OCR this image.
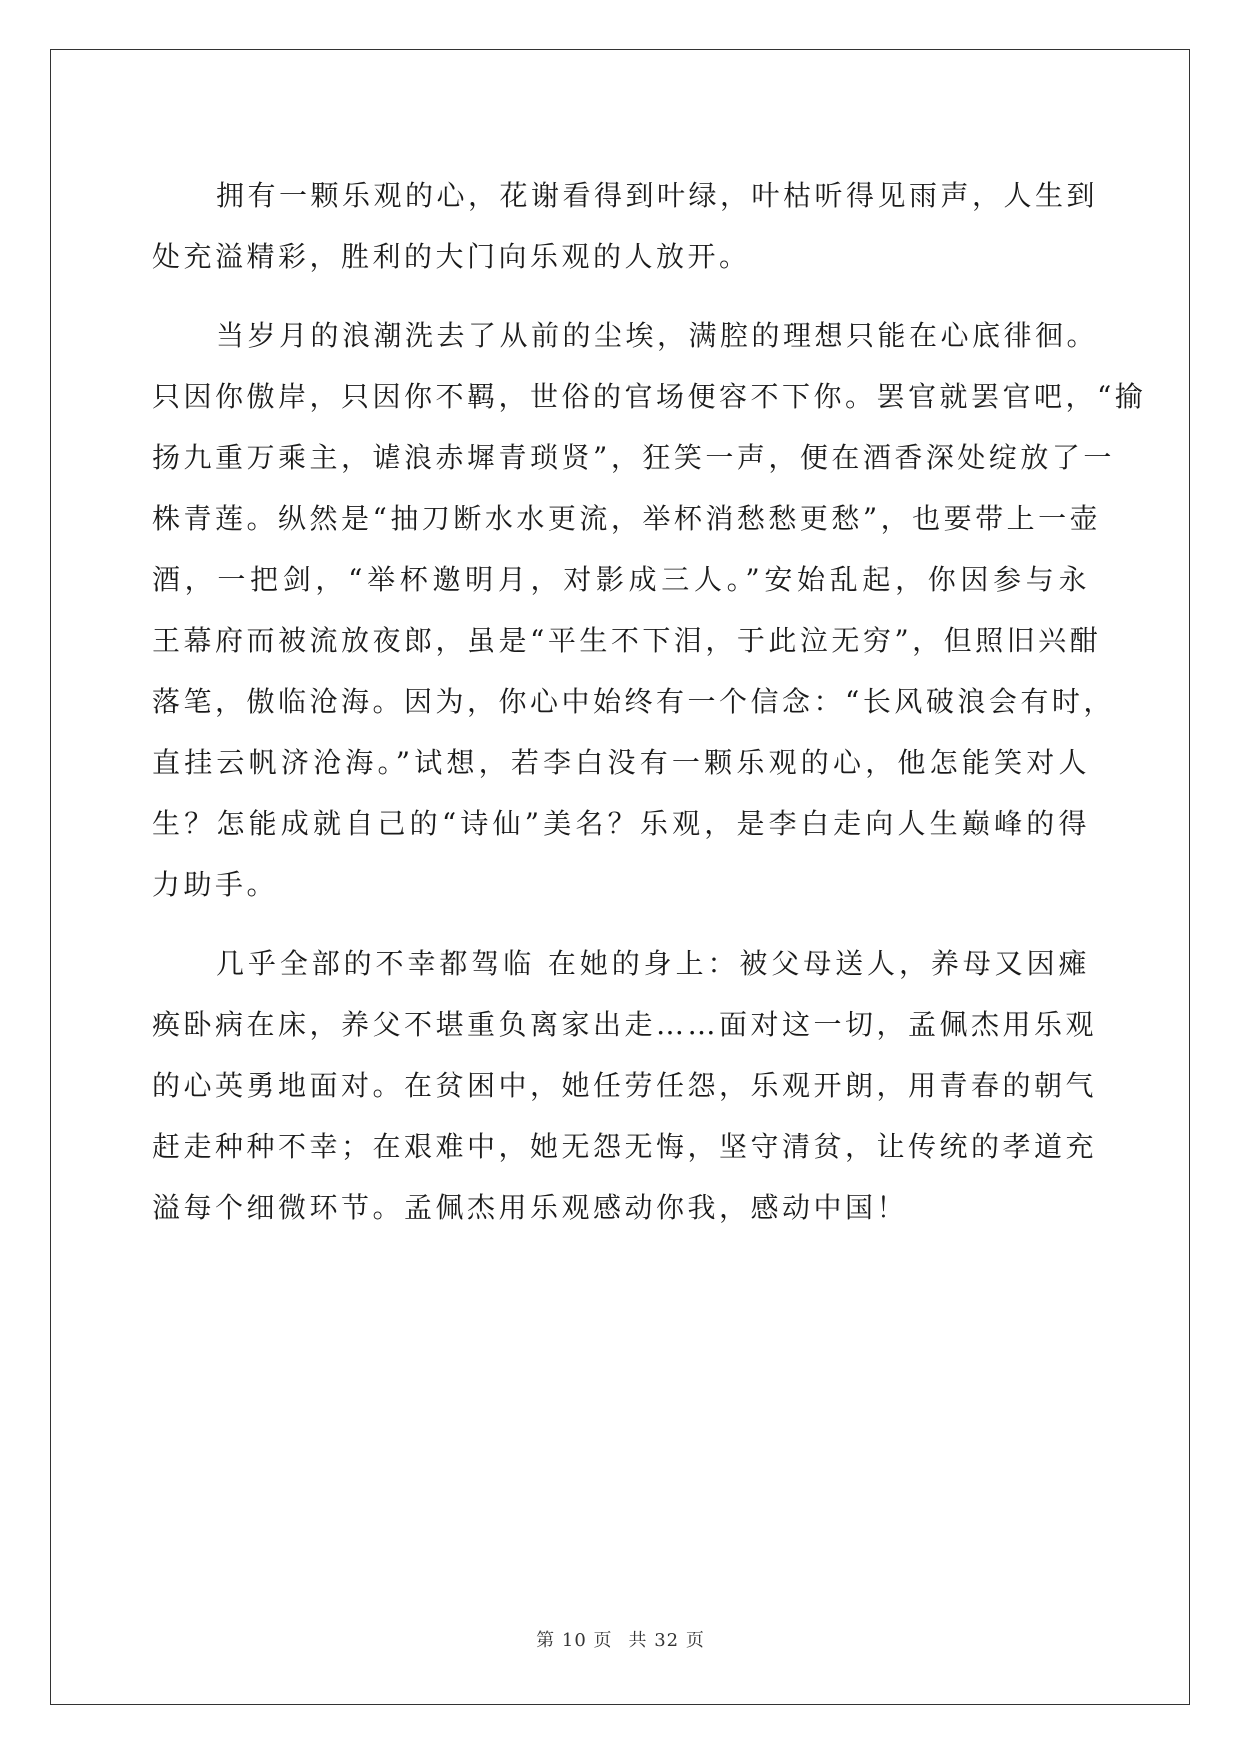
拥有一颗乐观的心，花谢看得到叶绿，叶枯听得见雨声，人生到
处充溢精彩，胜利的大门向乐观的人放开。

当岁月的浪潮洗去了从前的尘埃，满腔的理想只能在心底徘徊。
只因你傲岸，只因你不羁，世俗的官场便容不下你。罢官就罢官吧，“揄
扬九重万乘主，谑浪赤墀青琐贤”，狂笑一声，便在酒香深处绽放了一
株青莲。纵然是“抽刀断水水更流，举杯消愁愁更愁”，也要带上一壶
酒，一把剑，“举杯邀明月，对影成三人。”安始乱起，你因参与永
王幕府而被流放夜郎，虽是“平生不下泪，于此泣无穷”，但照旧兴酣
落笔，傲临沧海。因为，你心中始终有一个信念：“长风破浪会有时，
直挂云帆济沧海。”试想，若李白没有一颗乐观的心，他怎能笑对人
生？怎能成就自己的“诗仙”美名？乐观，是李白走向人生巅峰的得
力助手。

几乎全部的不幸都驾临 在她的身上：被父母送人，养母又因瘫
痪卧病在床，养父不堪重负离家出走……面对这一切，孟佩杰用乐观
的心英勇地面对。在贫困中，她任劳任怨，乐观开朗，用青春的朝气
赶走种种不幸；在艰难中，她无怨无悔，坚守清贫，让传统的孝道充
溢每个细微环节。孟佩杰用乐观感动你我，感动中国！

第 10 页 共 32 页
